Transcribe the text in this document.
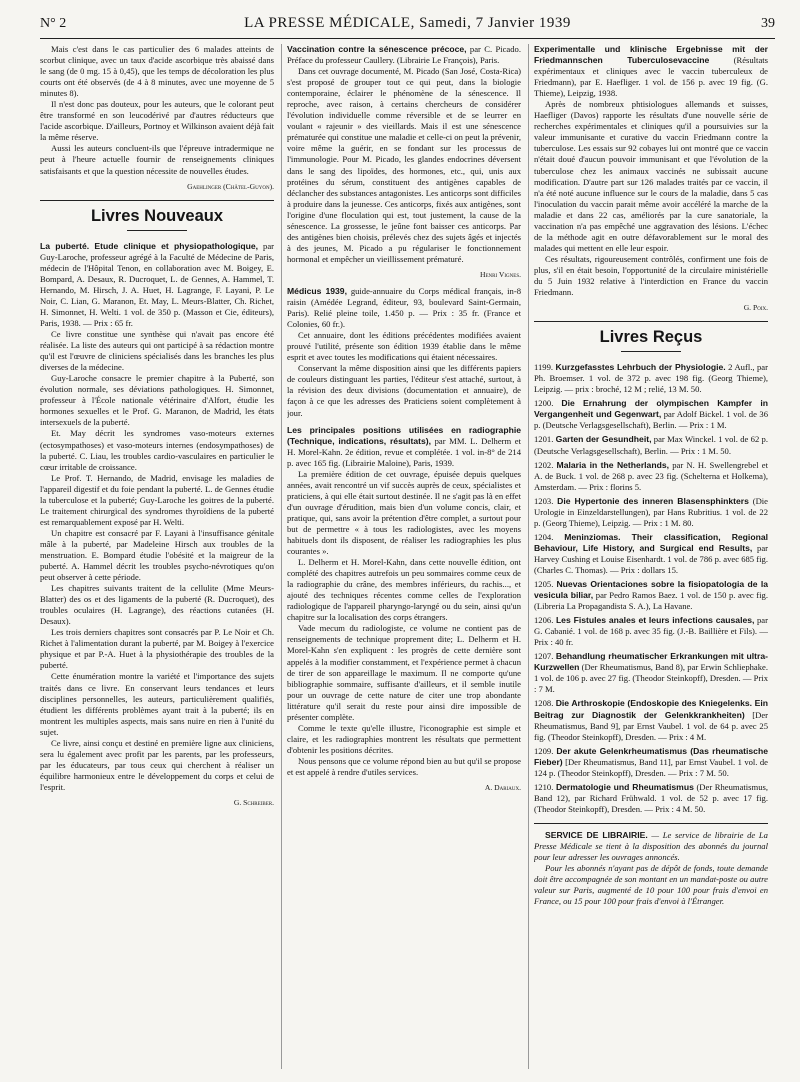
N° 2	LA PRESSE MÉDICALE, Samedi, 7 Janvier 1939	39

Mais c'est dans le cas particulier des 6 malades atteints de scorbut clinique, avec un taux d'acide ascorbique très abaissé dans le sang (de 0 mg. 15 à 0,45), que les temps de décoloration les plus courts ont été observés (de 4 à 8 minutes, avec une moyenne de 5 minutes 8).

Il n'est donc pas douteux, pour les auteurs, que le colorant peut être transformé en son leucodérivé par d'autres réducteurs que l'acide ascorbique. D'ailleurs, Portnoy et Wilkinson avaient déjà fait la même réserve.

Aussi les auteurs concluent-ils que l'épreuve intradermique ne peut à l'heure actuelle fournir de renseignements cliniques satisfaisants et que la question nécessite de nouvelles études.

Gaehlinger (Châtel-Guyon).

Livres Nouveaux

La puberté. Etude clinique et physiopathologique, par Guy-Laroche, professeur agrégé à la Faculté de Médecine de Paris, médecin de l'Hôpital Tenon, en collaboration avec M. Boigey, E. Bompard, A. Desaux, R. Ducroquet, L. de Gennes, A. Hammel, T. Hernando, M. Hirsch, J. A. Huet, H. Lagrange, F. Layani, P. Le Noir, C. Lian, G. Maranon, Et. May, L. Meurs-Blatter, Ch. Richet, H. Simonnet, H. Welti. 1 vol. de 350 p. (Masson et Cie, éditeurs), Paris, 1938. — Prix : 65 fr.

Ce livre constitue une synthèse qui n'avait pas encore été réalisée. La liste des auteurs qui ont participé à sa rédaction montre qu'il est l'œuvre de cliniciens spécialisés dans les branches les plus diverses de la médecine.

Guy-Laroche consacre le premier chapitre à la Puberté, son évolution normale, ses déviations pathologiques. H. Simonnet, professeur à l'École nationale vétérinaire d'Alfort, étudie les hormones sexuelles et le Prof. G. Maranon, de Madrid, les états intersexuels de la puberté.

Et. May décrit les syndromes vaso-moteurs externes (ectosympathoses) et vaso-moteurs internes (endosympathoses) de la puberté. C. Liau, les troubles cardio-vasculaires en particulier le cœur irritable de croissance.

Le Prof. T. Hernando, de Madrid, envisage les maladies de l'appareil digestif et du foie pendant la puberté. L. de Gennes étudie la tuberculose et la puberté; Guy-Laroche les goitres de la puberté. Le traitement chirurgical des syndromes thyroïdiens de la puberté est remarquablement exposé par H. Welti.

Un chapitre est consacré par F. Layani à l'insuffisance génitale mâle à la puberté, par Madeleine Hirsch aux troubles de la menstruation. E. Bompard étudie l'obésité et la maigreur de la puberté. A. Hammel décrit les troubles psycho-névrotiques qu'on peut observer à cette période.

Les chapitres suivants traitent de la cellulite (Mme Meurs-Blatter) des os et des ligaments de la puberté (R. Ducroquet), des troubles oculaires (H. Lagrange), des réactions cutanées (H. Desaux).

Les trois derniers chapitres sont consacrés par P. Le Noir et Ch. Richet à l'alimentation durant la puberté, par M. Boigey à l'exercice physique et par P.-A. Huet à la physiothérapie des troubles de la puberté.

Cette énumération montre la variété et l'importance des sujets traités dans ce livre. En conservant leurs tendances et leurs disciplines personnelles, les auteurs, particulièrement qualifiés, étudient les différents problèmes ayant trait à la puberté; ils en montrent les multiples aspects, mais sans nuire en rien à l'unité du sujet.

Ce livre, ainsi conçu et destiné en première ligne aux cliniciens, sera lu également avec profit par les parents, par les professeurs, par les éducateurs, par tous ceux qui cherchent à réaliser un équilibre harmonieux entre le développement du corps et celui de l'esprit.

G. Schreiber.

Vaccination contre la sénescence précoce, par C. Picado. Préface du professeur Caullery. (Librairie Le François), Paris.

Dans cet ouvrage documenté, M. Picado (San José, Costa-Rica) s'est proposé de grouper tout ce qui peut, dans la biologie contemporaine, éclairer le phénomène de la sénescence. Il reproche, avec raison, à certains chercheurs de considérer l'évolution individuelle comme réversible et de se leurrer en voulant « rajeunir » des vieillards. Mais il est une sénescence prématurée qui constitue une maladie et celle-ci on peut la prévenir, voire même la guérir, en se fondant sur les processus de l'immunologie. Pour M. Picado, les glandes endocrines déversent dans le sang des lipoïdes, des hormones, etc., qui, unis aux protéines du sérum, constituent des antigènes capables de déclancher des substances antagonistes. Les anticorps sont difficiles à produire dans la jeunesse. Ces anticorps, fixés aux antigènes, sont l'origine d'une floculation qui est, tout justement, la cause de la sénescence. La grossesse, le jeûne font baisser ces anticorps. Par des antigènes bien choisis, prélevés chez des sujets âgés et injectés à des jeunes, M. Picado a pu régulariser le fonctionnement hormonal et empêcher un vieillissement prématuré.

Henri Vignes.

Médicus 1939, guide-annuaire du Corps médical français, in-8 raisin (Amédée Legrand, éditeur, 93, boulevard Saint-Germain, Paris). Relié pleine toile, 1.450 p. — Prix : 35 fr. (France et Colonies, 60 fr.).

Cet annuaire, dont les éditions précédentes modifiées avaient prouvé l'utilité, présente son édition 1939 établie dans le même esprit et avec toutes les modifications qui étaient nécessaires.

Conservant la même disposition ainsi que les différents papiers de couleurs distinguant les parties, l'éditeur s'est attaché, surtout, à la révision des deux divisions (documentation et annuaire), de façon à ce que les adresses des Praticiens soient complètement à jour.

Les principales positions utilisées en radiographie (Technique, indications, résultats), par MM. L. Delherm et H. Morel-Kahn. 2e édition, revue et complétée. 1 vol. in-8° de 214 p. avec 165 fig. (Librairie Maloine), Paris, 1939.

La première édition de cet ouvrage, épuisée depuis quelques années, avait rencontré un vif succès auprès de ceux, spécialistes et praticiens, à qui elle était surtout destinée. Il ne s'agit pas là en effet d'un ouvrage d'érudition, mais bien d'un volume concis, clair, et pratique, qui, sans avoir la prétention d'être complet, a surtout pour but de permettre « à tous les radiologistes, avec les moyens habituels dont ils disposent, de réaliser les radiographies les plus courantes ».

L. Delherm et H. Morel-Kahn, dans cette nouvelle édition, ont complété des chapitres autrefois un peu sommaires comme ceux de la radiographie du crâne, des membres inférieurs, du rachis..., et ajouté des techniques récentes comme celles de l'exploration radiologique de l'appareil pharyngo-laryngé ou du sein, ainsi qu'un chapitre sur la localisation des corps étrangers.

Vade mecum du radiologiste, ce volume ne contient pas de renseignements de technique proprement dite; L. Delherm et H. Morel-Kahn s'en expliquent : les progrès de cette dernière sont appelés à la modifier constamment, et l'expérience permet à chacun de tirer de son appareillage le maximum. Il ne comporte qu'une bibliographie sommaire, suffisante d'ailleurs, et il semble inutile pour un ouvrage de cette nature de citer une trop abondante littérature qu'il serait du reste pour ainsi dire impossible de présenter complète.

Comme le texte qu'elle illustre, l'iconographie est simple et claire, et les radiographies montrent les résultats que permettent d'obtenir les positions décrites.

Nous pensons que ce volume répond bien au but qu'il se propose et est appelé à rendre d'utiles services.

A. Dariaux.

Experimentalle und klinische Ergebnisse mit der Friedmannschen Tuberculosevaccine	(Résultats expérimentaux et cliniques avec le vaccin tuberculeux de Friedmann), par E. Haefliger. 1 vol. de 156 p. avec 19 fig. (G. Thieme), Leipzig, 1938.

Après de nombreux phtisiologues allemands et suisses, Haefliger (Davos) rapporte les résultats d'une nouvelle série de recherches expérimentales et cliniques qu'il a poursuivies sur la valeur immunisante et curative du vaccin Friedmann contre la tuberculose. Les essais sur 92 cobayes lui ont montré que ce vaccin n'était doué d'aucun pouvoir immunisant et que l'évolution de la tuberculose chez les animaux vaccinés ne subissait aucune modification. D'autre part sur 126 malades traités par ce vaccin, il n'a été noté aucune influence sur le cours de la maladie, dans 5 cas l'inoculation du vaccin parait même avoir accéléré la marche de la maladie et dans 22 cas, améliorés par la cure sanatoriale, la vaccination n'a pas empêché une aggravation des lésions. L'échec de la méthode agit en outre défavorablement sur le moral des malades qui mettent en elle leur espoir.

Ces résultats, rigoureusement contrôlés, confirment une fois de plus, s'il en était besoin, l'opportunité de la circulaire ministérielle du 5 Juin 1932 relative à l'interdiction en France du vaccin Friedmann.

G. Poix.

Livres Reçus

1199. Kurzgefasstes Lehrbuch der Physiologie. 2 Aufl., par Ph. Broemser. 1 vol. de 372 p. avec 198 fig. (Georg Thieme), Leipzig. — prix : broché, 12 M ; relié, 13 M. 50.

1200. Die Ernahrung der olympischen Kampfer in Vergangenheit und Gegenwart, par Adolf Bickel. 1 vol. de 36 p. (Deutsche Verlagsgesellschaft), Berlin. — Prix : 1 M.

1201. Garten der Gesundheit, par Max Winckel. 1 vol. de 62 p. (Deutsche Verlagsgesellschaft), Berlin. — Prix : 1 M. 50.

1202. Malaria in the Netherlands, par N. H. Swellengrebel et A. de Buck. 1 vol. de 268 p. avec 23 fig. (Schelterna et Holkema), Amsterdam. — Prix : florins 5.

1203. Die Hypertonie des inneren Blasensphinkters (Die Urologie in Einzeldarstellungen), par Hans Rubritius. 1 vol. de 22 p. (Georg Thieme), Leipzig. — Prix : 1 M. 80.

1204. Meninziomas. Their classification, Regional Behaviour, Life History, and Surgical end Results, par Harvey Cushing et Louise Eisenhardt. 1 vol. de 786 p. avec 685 fig. (Charles C. Thomas). — Prix : dollars 15.

1205. Nuevas Orientaciones sobre la fisiopatologia de la vesicula biliar, par Pedro Ramos Baez. 1 vol. de 150 p. avec fig. (Libreria La Propagandista S. A.), La Havane.

1206. Les Fistules anales et leurs infections causales, par G. Cabanié. 1 vol. de 168 p. avec 35 fig. (J.-B. Baillière et Fils). — Prix : 40 fr.

1207. Behandlung rheumatischer Erkrankungen mit ultra-Kurzwellen (Der Rheumatismus, Band 8), par Erwin Schliephake. 1 vol. de 106 p. avec 27 fig. (Theodor Steinkopff), Dresden. — Prix : 7 M.

1208. Die Arthroskopie (Endoskopie des Kniegelenks. Ein Beitrag zur Diagnostik der Gelenkkrankheiten) [Der Rheumatismus, Band 9], par Ernst Vaubel. 1 vol. de 64 p. avec 25 fig. (Theodor Steinkopff), Dresden. — Prix : 4 M.

1209. Der akute Gelenkrheumatismus (Das rheumatische Fieber) [Der Rheumatismus, Band 11], par Ernst Vaubel. 1 vol. de 124 p. (Theodor Steinkopff), Dresden. — Prix : 7 M. 50.

1210. Dermatologie und Rheumatismus (Der Rheumatismus, Band 12), par Richard Frühwald. 1 vol. de 52 p. avec 17 fig. (Theodor Steinkopff), Dresden. — Prix : 4 M. 50.

SERVICE DE LIBRAIRIE. — Le service de librairie de La Presse Médicale se tient à la disposition des abonnés du journal pour leur adresser les ouvrages annoncés.

Pour les abonnés n'ayant pas de dépôt de fonds, toute demande doit être accompagnée de son montant en un mandat-poste ou autre valeur sur Paris, augmenté de 10 pour 100 pour frais d'envoi en France, ou 15 pour 100 pour frais d'envoi à l'Étranger.
